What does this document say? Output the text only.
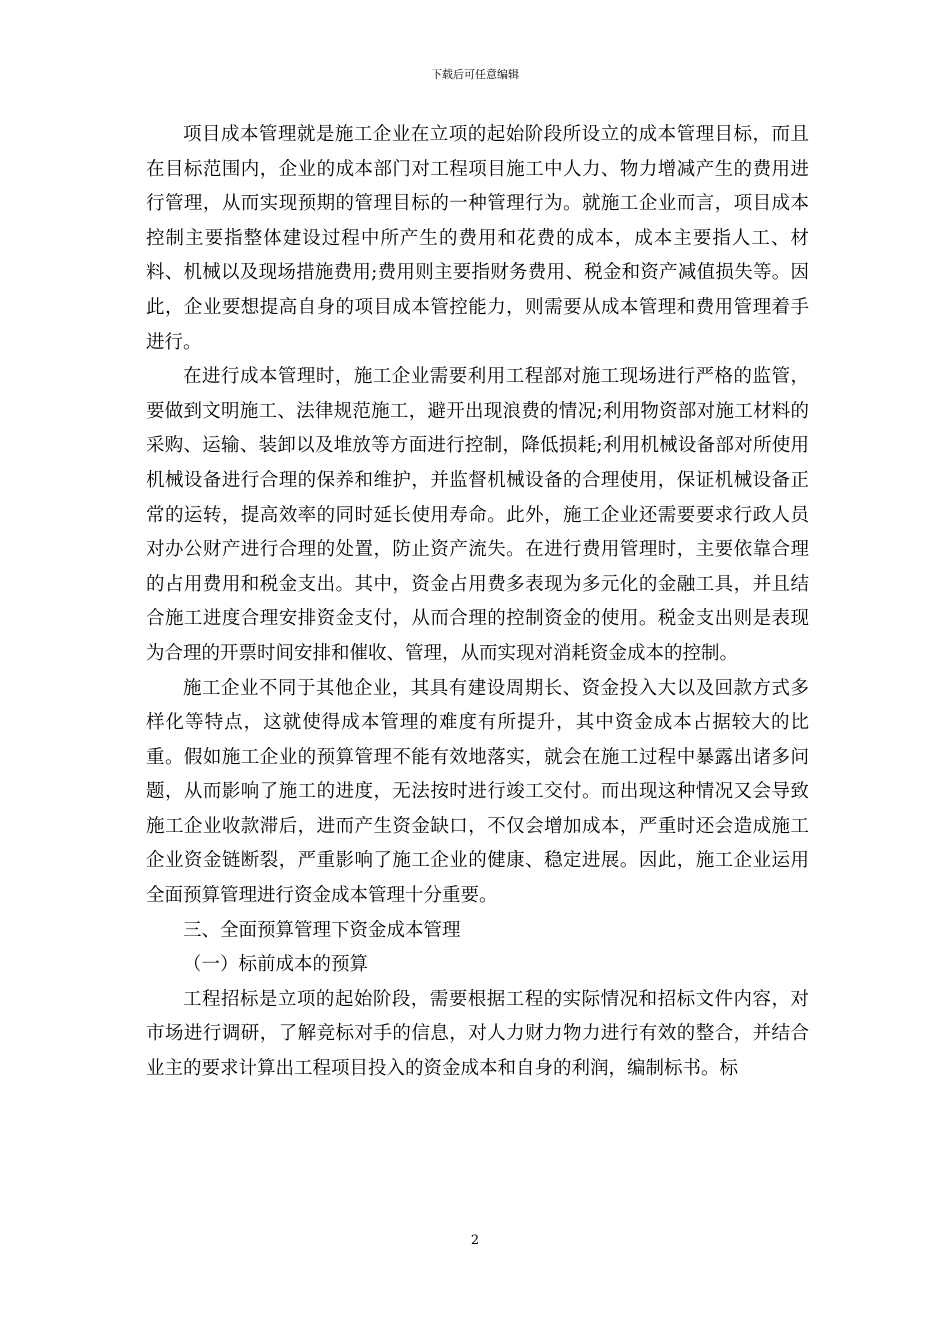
下载后可任意编辑

项目成本管理就是施工企业在立项的起始阶段所设立的成本管理目标，而且在目标范围内，企业的成本部门对工程项目施工中人力、物力增减产生的费用进行管理，从而实现预期的管理目标的一种管理行为。就施工企业而言，项目成本控制主要指整体建设过程中所产生的费用和花费的成本，成本主要指人工、材料、机械以及现场措施费用;费用则主要指财务费用、税金和资产减值损失等。因此，企业要想提高自身的项目成本管控能力，则需要从成本管理和费用管理着手进行。

在进行成本管理时，施工企业需要利用工程部对施工现场进行严格的监管，要做到文明施工、法律规范施工，避开出现浪费的情况;利用物资部对施工材料的采购、运输、装卸以及堆放等方面进行控制，降低损耗;利用机械设备部对所使用机械设备进行合理的保养和维护，并监督机械设备的合理使用，保证机械设备正常的运转，提高效率的同时延长使用寿命。此外，施工企业还需要要求行政人员对办公财产进行合理的处置，防止资产流失。在进行费用管理时，主要依靠合理的占用费用和税金支出。其中，资金占用费多表现为多元化的金融工具，并且结合施工进度合理安排资金支付，从而合理的控制资金的使用。税金支出则是表现为合理的开票时间安排和催收、管理，从而实现对消耗资金成本的控制。

施工企业不同于其他企业，其具有建设周期长、资金投入大以及回款方式多样化等特点，这就使得成本管理的难度有所提升，其中资金成本占据较大的比重。假如施工企业的预算管理不能有效地落实，就会在施工过程中暴露出诸多问题，从而影响了施工的进度，无法按时进行竣工交付。而出现这种情况又会导致施工企业收款滞后，进而产生资金缺口，不仅会增加成本，严重时还会造成施工企业资金链断裂，严重影响了施工企业的健康、稳定进展。因此，施工企业运用全面预算管理进行资金成本管理十分重要。

三、全面预算管理下资金成本管理

（一）标前成本的预算

工程招标是立项的起始阶段，需要根据工程的实际情况和招标文件内容，对市场进行调研，了解竞标对手的信息，对人力财力物力进行有效的整合，并结合业主的要求计算出工程项目投入的资金成本和自身的利润，编制标书。标

2
